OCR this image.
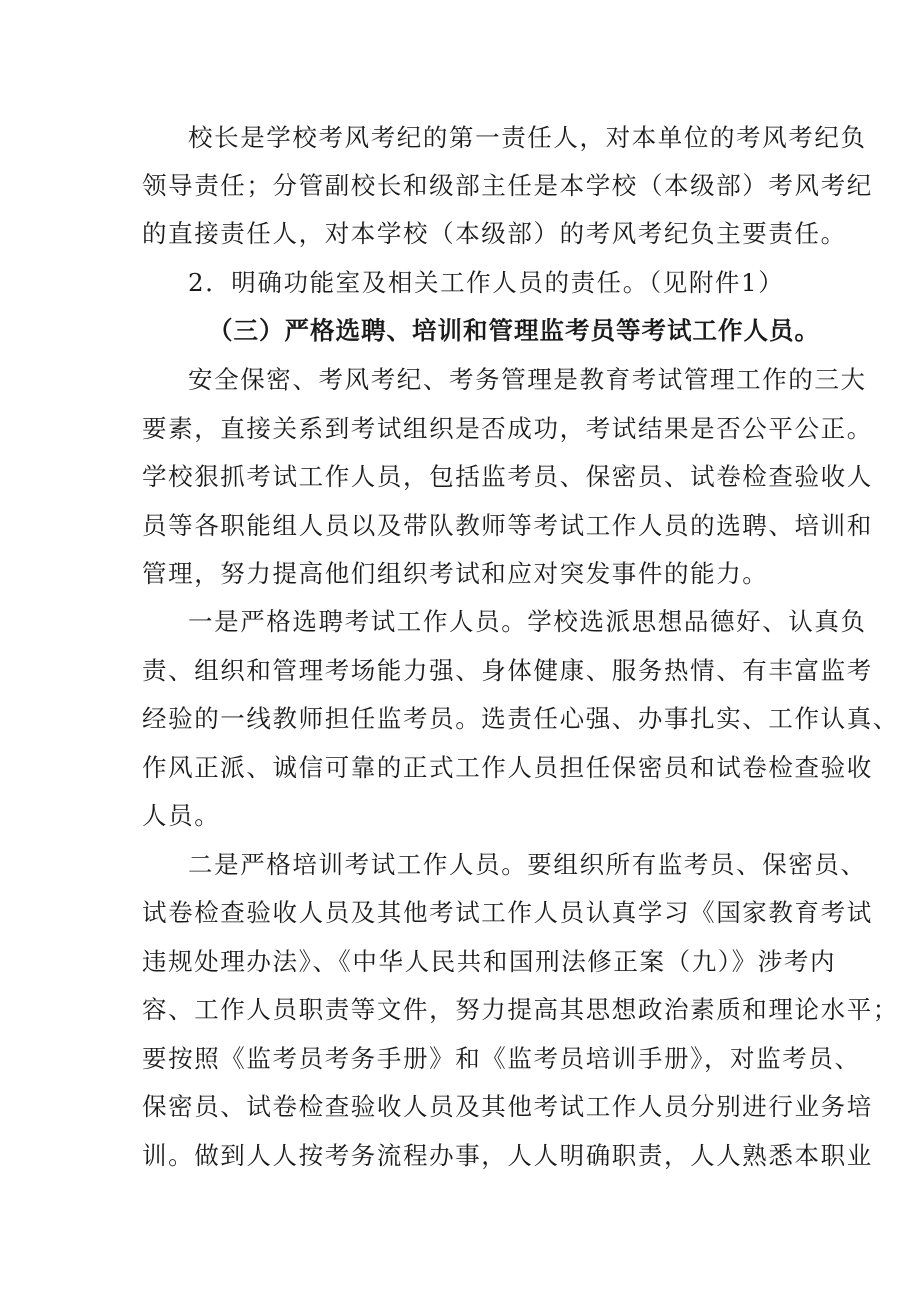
校长是学校考风考纪的第一责任人，对本单位的考风考纪负
领导责任；分管副校长和级部主任是本学校（本级部）考风考纪
的直接责任人，对本学校（本级部）的考风考纪负主要责任。
2．明确功能室及相关工作人员的责任。（见附件1）
（三）严格选聘、培训和管理监考员等考试工作人员。
安全保密、考风考纪、考务管理是教育考试管理工作的三大
要素，直接关系到考试组织是否成功，考试结果是否公平公正。
学校狠抓考试工作人员，包括监考员、保密员、试卷检查验收人
员等各职能组人员以及带队教师等考试工作人员的选聘、培训和
管理，努力提高他们组织考试和应对突发事件的能力。
一是严格选聘考试工作人员。学校选派思想品德好、认真负
责、组织和管理考场能力强、身体健康、服务热情、有丰富监考
经验的一线教师担任监考员。选责任心强、办事扎实、工作认真、
作风正派、诚信可靠的正式工作人员担任保密员和试卷检查验收
人员。
二是严格培训考试工作人员。要组织所有监考员、保密员、
试卷检查验收人员及其他考试工作人员认真学习《国家教育考试
违规处理办法》、《中华人民共和国刑法修正案（九）》涉考内
容、工作人员职责等文件，努力提高其思想政治素质和理论水平；
要按照《监考员考务手册》和《监考员培训手册》，对监考员、
保密员、试卷检查验收人员及其他考试工作人员分别进行业务培
训。做到人人按考务流程办事，人人明确职责，人人熟悉本职业
